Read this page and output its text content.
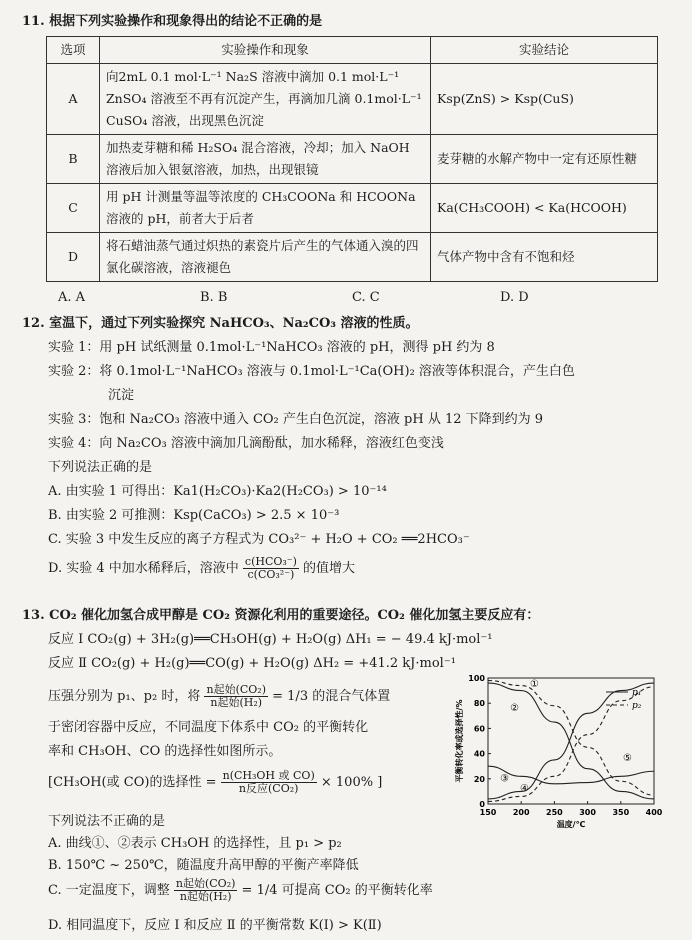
11. 根据下列实验操作和现象得出的结论不正确的是
选项	实验操作和现象	实验结论
A	向2mL 0.1 mol·L⁻¹ Na₂S 溶液中滴加 0.1 mol·L⁻¹ ZnSO₄ 溶液至不再有沉淀产生，再滴加几滴 0.1mol·L⁻¹ CuSO₄ 溶液，出现黑色沉淀	Ksp(ZnS) > Ksp(CuS)
B	加热麦芽糖和稀 H₂SO₄ 混合溶液，冷却；加入 NaOH 溶液后加入银氨溶液，加热，出现银镜	麦芽糖的水解产物中一定有还原性糖
C	用 pH 计测量等温等浓度的 CH₃COONa 和 HCOONa 溶液的 pH，前者大于后者	Ka(CH₃COOH) < Ka(HCOOH)
D	将石蜡油蒸气通过炽热的素瓷片后产生的气体通入溴的四氯化碳溶液，溶液褪色	气体产物中含有不饱和烃
A. A	B. B	C. C	D. D
12. 室温下，通过下列实验探究 NaHCO₃、Na₂CO₃ 溶液的性质。
实验 1：用 pH 试纸测量 0.1mol·L⁻¹NaHCO₃ 溶液的 pH，测得 pH 约为 8
实验 2：将 0.1mol·L⁻¹NaHCO₃ 溶液与 0.1mol·L⁻¹Ca(OH)₂ 溶液等体积混合，产生白色
沉淀
实验 3：饱和 Na₂CO₃ 溶液中通入 CO₂ 产生白色沉淀，溶液 pH 从 12 下降到约为 9
实验 4：向 Na₂CO₃ 溶液中滴加几滴酚酞，加水稀释，溶液红色变浅
下列说法正确的是
A. 由实验 1 可得出：Ka1(H₂CO₃)·Ka2(H₂CO₃) > 10⁻¹⁴
B. 由实验 2 可推测：Ksp(CaCO₃) > 2.5 × 10⁻³
C. 实验 3 中发生反应的离子方程式为 CO₃²⁻ + H₂O + CO₂ ══2HCO₃⁻
D. 实验 4 中加水稀释后，溶液中 $\frac{\text{c(HCO₃⁻)}}{\text{c(CO₃²⁻)}}$ 的值增大
13. CO₂ 催化加氢合成甲醇是 CO₂ 资源化利用的重要途径。CO₂ 催化加氢主要反应有：
反应 Ⅰ CO₂(g) + 3H₂(g)══CH₃OH(g) + H₂O(g) ΔH₁ = − 49.4 kJ·mol⁻¹
反应 Ⅱ CO₂(g) + H₂(g)══CO(g) + H₂O(g) ΔH₂ = +41.2 kJ·mol⁻¹
压强分别为 p₁、p₂ 时，将 $\frac{\text{n起始(CO₂)}}{\text{n起始(H₂)}} = 1/3$ 的混合气体置
于密闭容器中反应，不同温度下体系中 CO₂ 的平衡转化
率和 CH₃OH、CO 的选择性如图所示。
[CH₃OH(或 CO)的选择性 = $\frac{\text{n(CH₃OH 或 CO)}}{\text{n反应(CO₂)}} \times 100\%$ ]
下列说法不正确的是
A. 曲线①、②表示 CH₃OH 的选择性，且 p₁ > p₂
B. 150℃ ~ 250℃，随温度升高甲醇的平衡产率降低
C. 一定温度下，调整 $\frac{\text{n起始(CO₂)}}{\text{n起始(H₂)}} = 1/4$ 可提高 CO₂ 的平衡转化率
D. 相同温度下，反应 Ⅰ 和反应 Ⅱ 的平衡常数 K(Ⅰ) > K(Ⅱ)
150 200 250 300 350 400
0
20
40
60
80
100
温度/℃
平衡转化率或选择性/%
①
②
③
④
⑤
p₁
p₂
